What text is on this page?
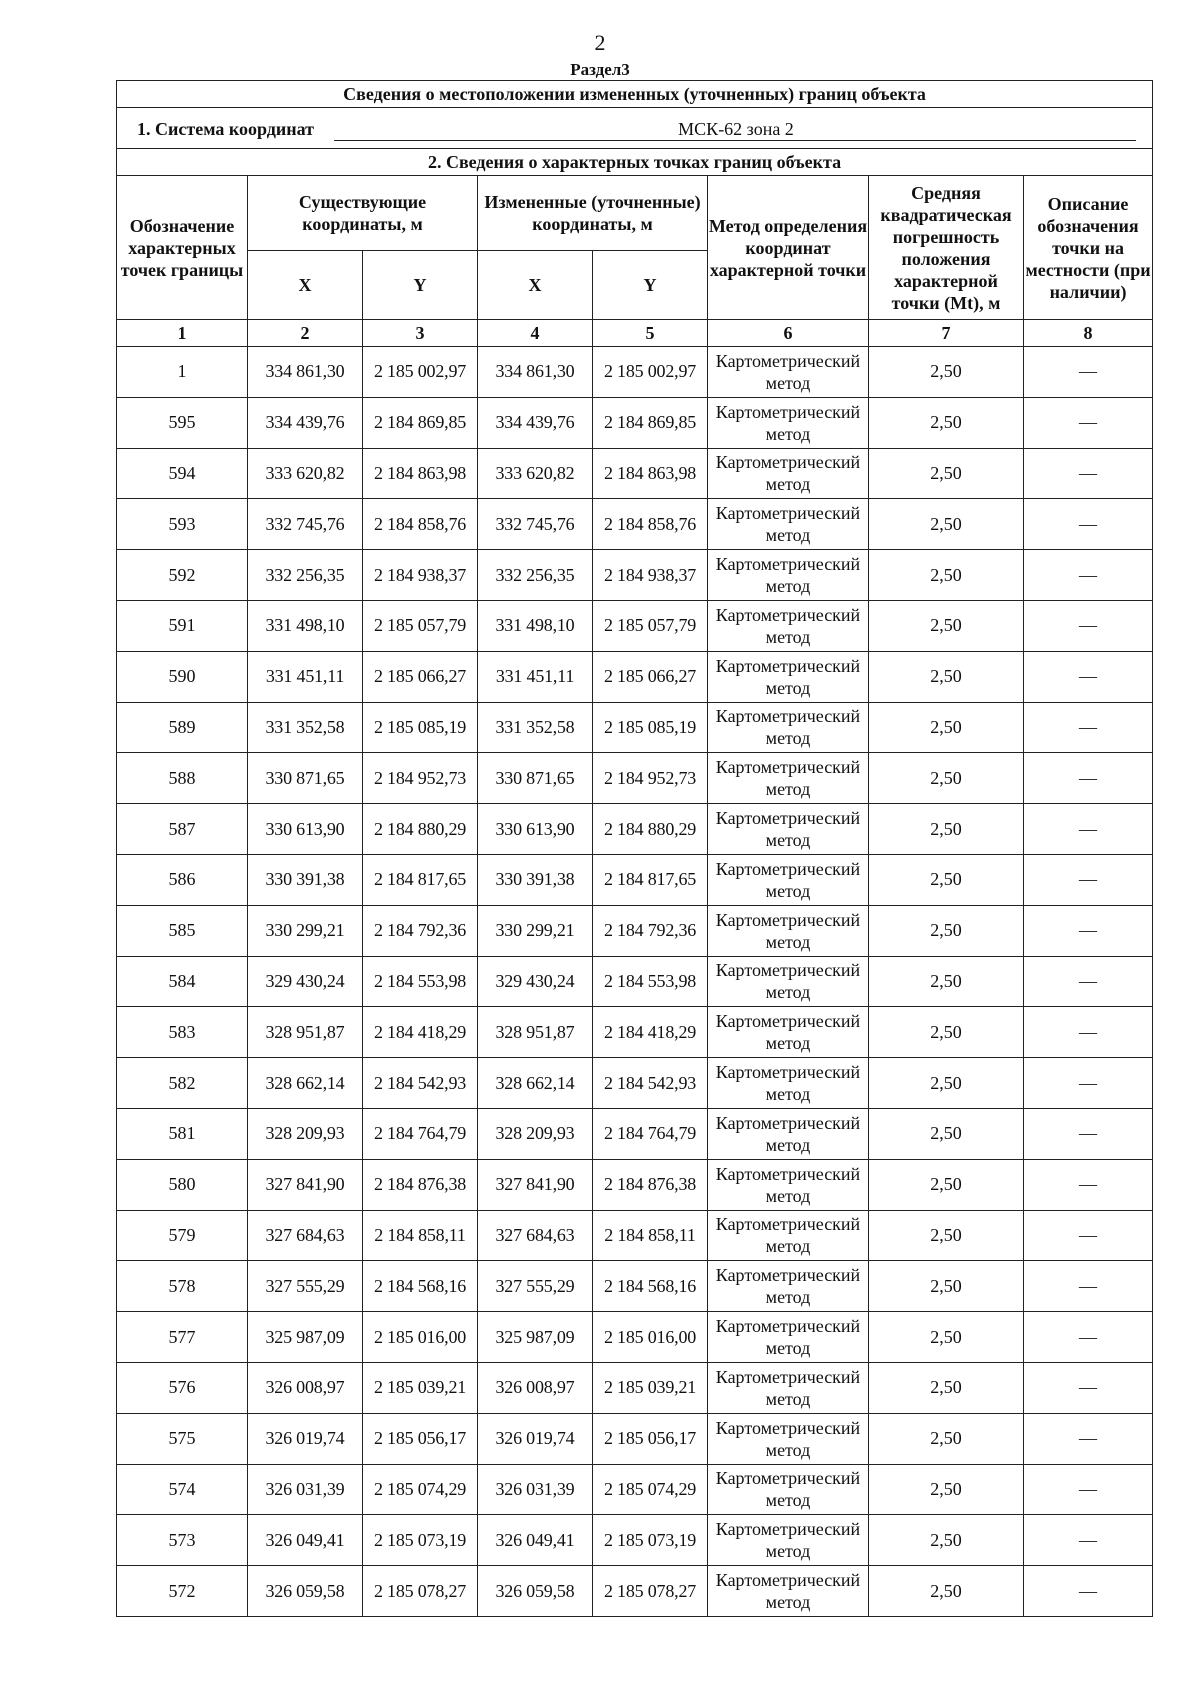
2
Раздел3
Сведения о местоположении измененных (уточненных) границ объекта							
1. Система координат МСК-62 зона 2							
2. Сведения о характерных точках границ объекта							
Обозначение характерных точек границы	Существующие координаты, м		Измененные (уточненные) координаты, м		Метод определения координат характерной точки	Средняя квадратическая погрешность положения характерной точки (Mt), м	Описание обозначения точки на местности (при наличии)
	X	Y	X	Y			
1	2	3	4	5	6	7	8
1	334 861,30	2 185 002,97	334 861,30	2 185 002,97	Картометрический метод	2,50	—
595	334 439,76	2 184 869,85	334 439,76	2 184 869,85	Картометрический метод	2,50	—
594	333 620,82	2 184 863,98	333 620,82	2 184 863,98	Картометрический метод	2,50	—
593	332 745,76	2 184 858,76	332 745,76	2 184 858,76	Картометрический метод	2,50	—
592	332 256,35	2 184 938,37	332 256,35	2 184 938,37	Картометрический метод	2,50	—
591	331 498,10	2 185 057,79	331 498,10	2 185 057,79	Картометрический метод	2,50	—
590	331 451,11	2 185 066,27	331 451,11	2 185 066,27	Картометрический метод	2,50	—
589	331 352,58	2 185 085,19	331 352,58	2 185 085,19	Картометрический метод	2,50	—
588	330 871,65	2 184 952,73	330 871,65	2 184 952,73	Картометрический метод	2,50	—
587	330 613,90	2 184 880,29	330 613,90	2 184 880,29	Картометрический метод	2,50	—
586	330 391,38	2 184 817,65	330 391,38	2 184 817,65	Картометрический метод	2,50	—
585	330 299,21	2 184 792,36	330 299,21	2 184 792,36	Картометрический метод	2,50	—
584	329 430,24	2 184 553,98	329 430,24	2 184 553,98	Картометрический метод	2,50	—
583	328 951,87	2 184 418,29	328 951,87	2 184 418,29	Картометрический метод	2,50	—
582	328 662,14	2 184 542,93	328 662,14	2 184 542,93	Картометрический метод	2,50	—
581	328 209,93	2 184 764,79	328 209,93	2 184 764,79	Картометрический метод	2,50	—
580	327 841,90	2 184 876,38	327 841,90	2 184 876,38	Картометрический метод	2,50	—
579	327 684,63	2 184 858,11	327 684,63	2 184 858,11	Картометрический метод	2,50	—
578	327 555,29	2 184 568,16	327 555,29	2 184 568,16	Картометрический метод	2,50	—
577	325 987,09	2 185 016,00	325 987,09	2 185 016,00	Картометрический метод	2,50	—
576	326 008,97	2 185 039,21	326 008,97	2 185 039,21	Картометрический метод	2,50	—
575	326 019,74	2 185 056,17	326 019,74	2 185 056,17	Картометрический метод	2,50	—
574	326 031,39	2 185 074,29	326 031,39	2 185 074,29	Картометрический метод	2,50	—
573	326 049,41	2 185 073,19	326 049,41	2 185 073,19	Картометрический метод	2,50	—
572	326 059,58	2 185 078,27	326 059,58	2 185 078,27	Картометрический метод	2,50	—
